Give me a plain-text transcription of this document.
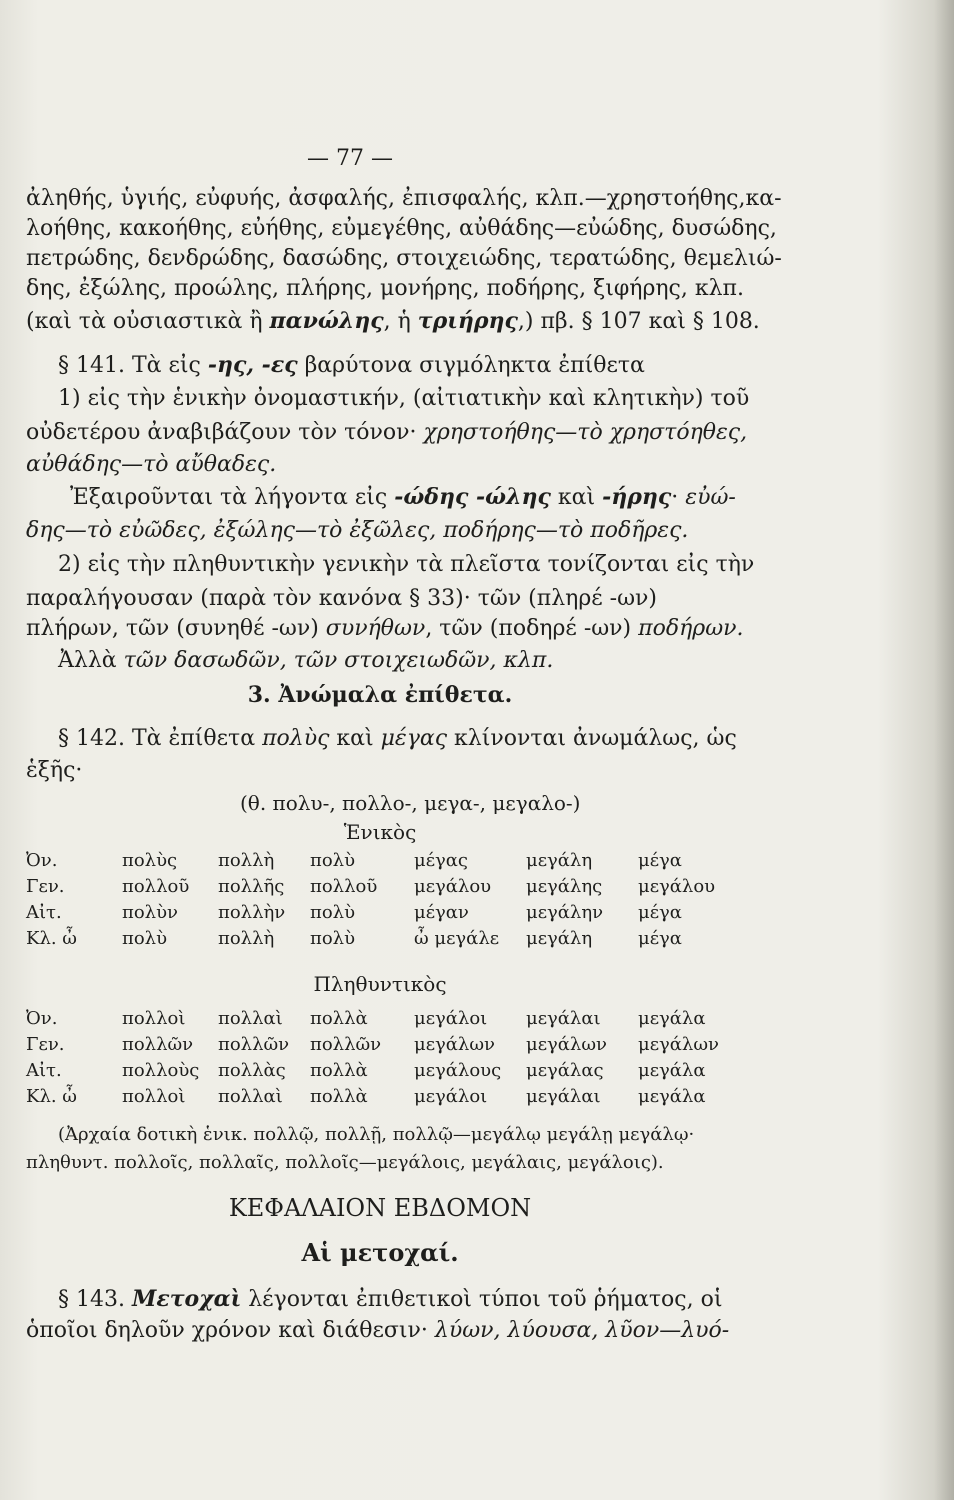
— 77 —
ἀληθής, ὑγιής, εὐφυής, ἀσφαλής, ἐπισφαλής, κλπ.—χρηστοήθης,κα-
λοήθης, κακοήθης, εὐήθης, εὐμεγέθης, αὐθάδης—εὐώδης, δυσώδης,
πετρώδης, δενδρώδης, δασώδης, στοιχειώδης, τερατώδης, θεμελιώ-
δης, ἐξώλης, προώλης, πλήρης, μονήρης, ποδήρης, ξιφήρης, κλπ.
(καὶ τὰ οὐσιαστικὰ ἢ πανώλης, ἡ τριήρης,) πβ. § 107 καὶ § 108.
§ 141. Τὰ εἰς -ης, -ες βαρύτονα σιγμόληκτα ἐπίθετα
1) εἰς τὴν ἑνικὴν ὀνομαστικήν, (αἰτιατικὴν καὶ κλητικὴν) τοῦ
οὐδετέρου ἀναβιβάζουν τὸν τόνον· χρηστοήθης—τὸ χρηστόηθες,
αὐθάδης—τὸ αὔθαδες.
Ἐξαιροῦνται τὰ λήγοντα εἰς -ώδης -ώλης καὶ -ήρης· εὐώ-
δης—τὸ εὐῶδες, ἐξώλης—τὸ ἐξῶλες, ποδήρης—τὸ ποδῆρες.
2) εἰς τὴν πληθυντικὴν γενικὴν τὰ πλεῖστα τονίζονται εἰς τὴν
παραλήγουσαν (παρὰ τὸν κανόνα § 33)· τῶν (πληρέ -ων)
πλήρων, τῶν (συνηθέ -ων) συνήθων, τῶν (ποδηρέ -ων) ποδήρων.
Ἀλλὰ τῶν δασωδῶν, τῶν στοιχειωδῶν, κλπ.
3. Ἀνώμαλα ἐπίθετα.
§ 142. Τὰ ἐπίθετα πολὺς καὶ μέγας κλίνονται ἀνωμάλως, ὡς
ἑξῆς·
(θ. πολυ-, πολλο-, μεγα-, μεγαλο-)
Ἑνικὸς
Ὀν.	πολὺς πολλὴ πολὺ	μέγας	μεγάλη	μέγα
Γεν.	πολλοῦ πολλῆς πολλοῦ μεγάλου μεγάλης μεγάλου
Αἰτ.	πολὺν πολλὴν πολὺ	μέγαν	μεγάλην μέγα
Κλ. ὦ	πολὺ	πολλὴ πολὺ	ὦ μεγάλε μεγάλη	μέγα
Πληθυντικὸς
Ὀν.	πολλοὶ πολλαὶ πολλὰ	μεγάλοι μεγάλαι μεγάλα
Γεν.	πολλῶν πολλῶν πολλῶν μεγάλων μεγάλων μεγάλων
Αἰτ.	πολλοὺς πολλὰς πολλὰ	μεγάλους μεγάλας μεγάλα
Κλ. ὦ	πολλοὶ πολλαὶ πολλὰ	μεγάλοι μεγάλαι μεγάλα
(Ἀρχαία δοτικὴ ἑνικ. πολλῷ, πολλῇ, πολλῷ—μεγάλῳ μεγάλῃ μεγάλῳ·
πληθυντ. πολλοῖς, πολλαῖς, πολλοῖς—μεγάλοις, μεγάλαις, μεγάλοις).
ΚΕΦΑΛΑΙΟΝ ΕΒΔΟΜΟΝ
Αἱ μετοχαί.
§ 143. Μετοχαὶ λέγονται ἐπιθετικοὶ τύποι τοῦ ῥήματος, οἱ
ὁποῖοι δηλοῦν χρόνον καὶ διάθεσιν· λύων, λύουσα, λῦον—λυό-
